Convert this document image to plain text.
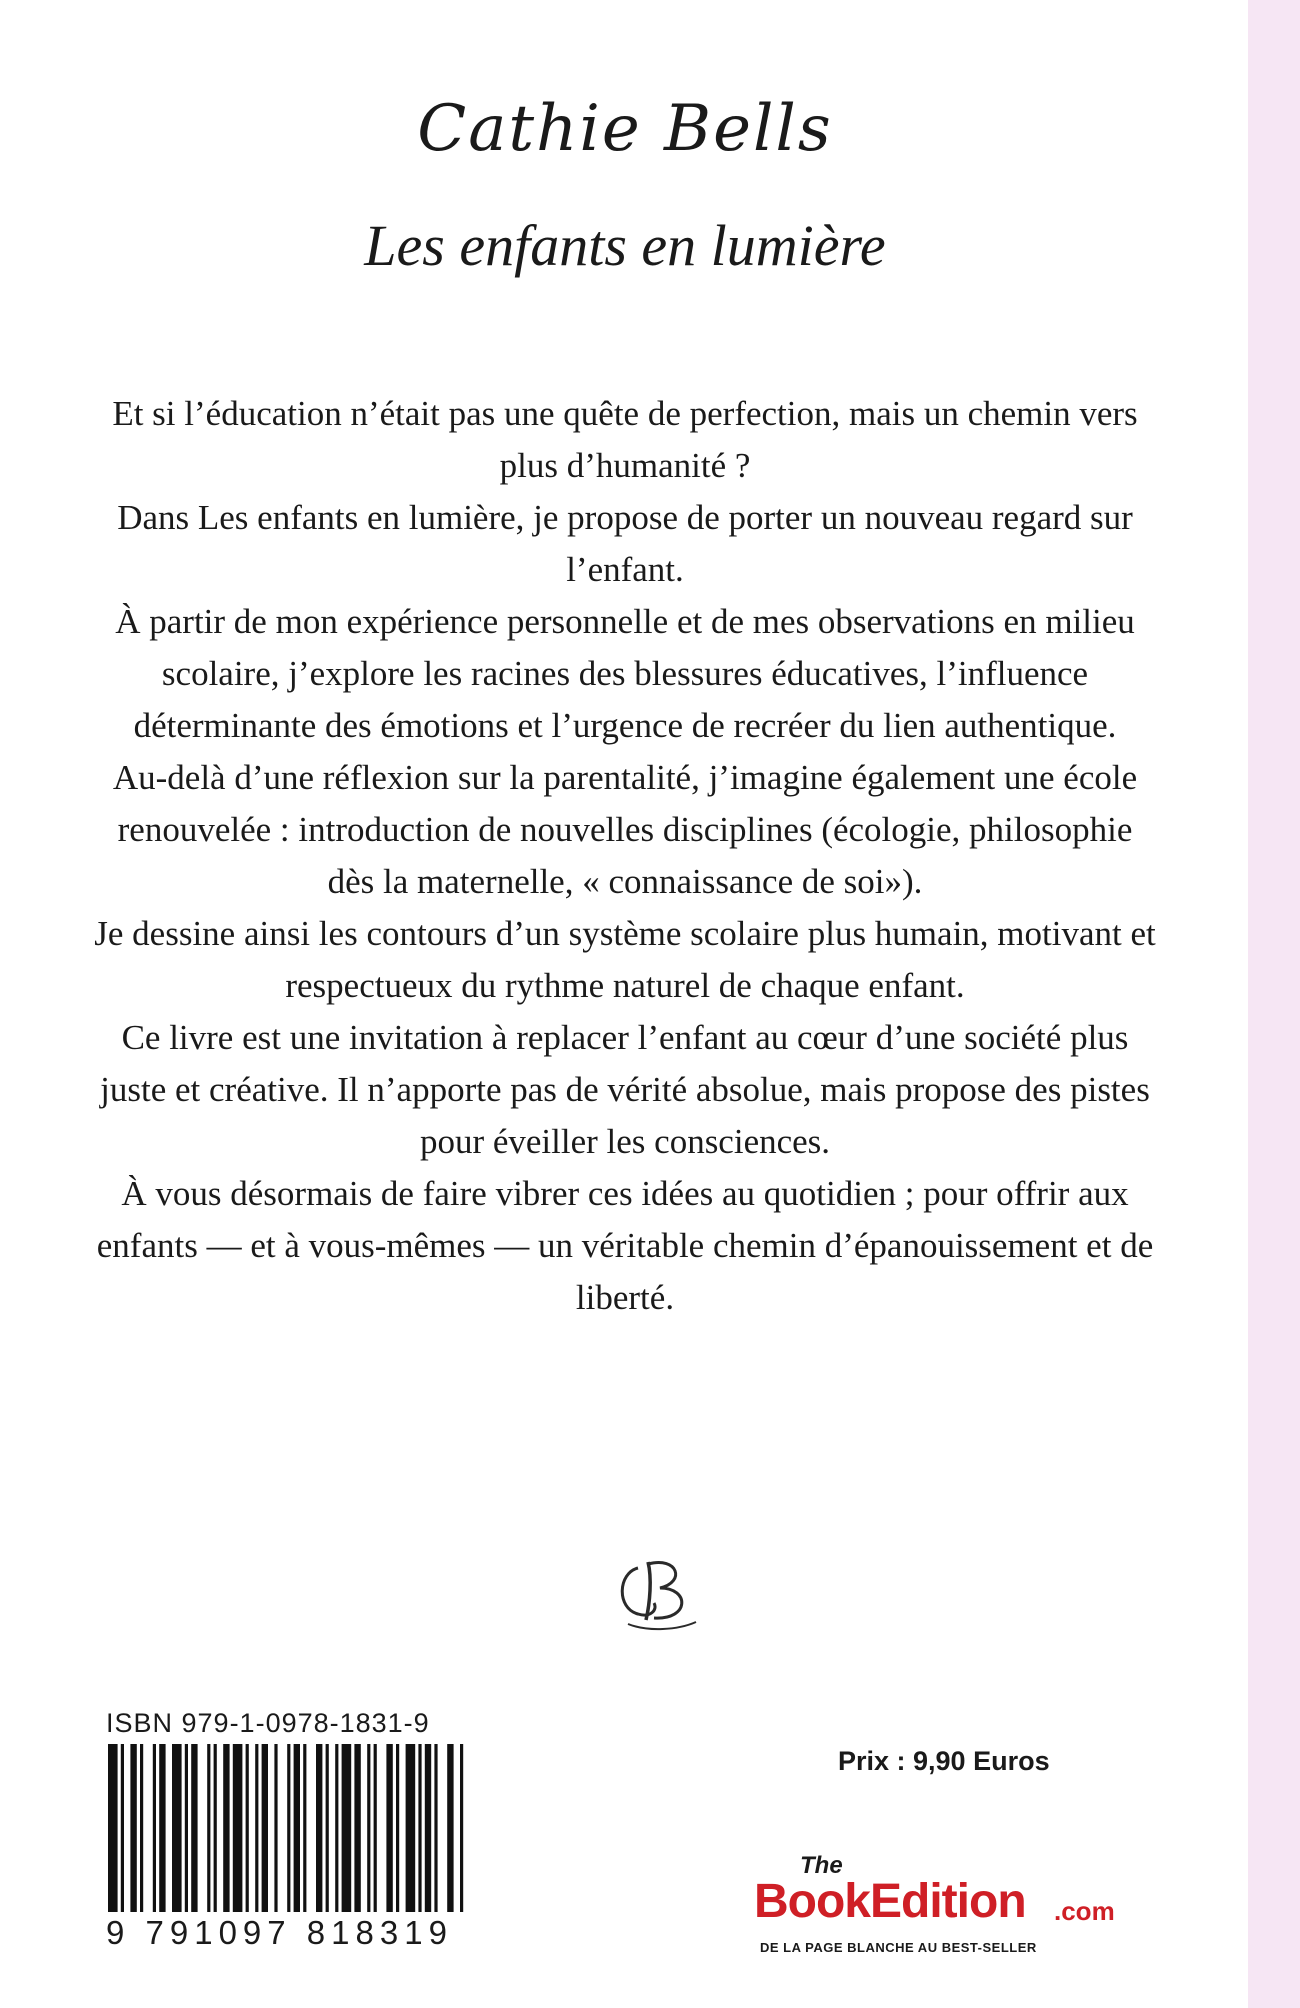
Cathie Bells
Les enfants en lumière

Et si l’éducation n’était pas une quête de perfection, mais un chemin vers plus d’humanité ?

Dans Les enfants en lumière, je propose de porter un nouveau regard sur l’enfant.

À partir de mon expérience personnelle et de mes observations en milieu scolaire, j’explore les racines des blessures éducatives, l’influence déterminante des émotions et l’urgence de recréer du lien authentique.

Au-delà d’une réflexion sur la parentalité, j’imagine également une école renouvelée : introduction de nouvelles disciplines (écologie, philosophie dès la maternelle, « connaissance de soi»).

Je dessine ainsi les contours d’un système scolaire plus humain, motivant et respectueux du rythme naturel de chaque enfant.

Ce livre est une invitation à replacer l’enfant au cœur d’une société plus juste et créative. Il n’apporte pas de vérité absolue, mais propose des pistes pour éveiller les consciences.

À vous désormais de faire vibrer ces idées au quotidien ; pour offrir aux enfants — et à vous-mêmes — un véritable chemin d’épanouissement et de liberté.

ISBN 979-1-0978-1831-9
9 791097 818319
Prix : 9,90 Euros
The
BookEdition .com
DE LA PAGE BLANCHE AU BEST-SELLER
